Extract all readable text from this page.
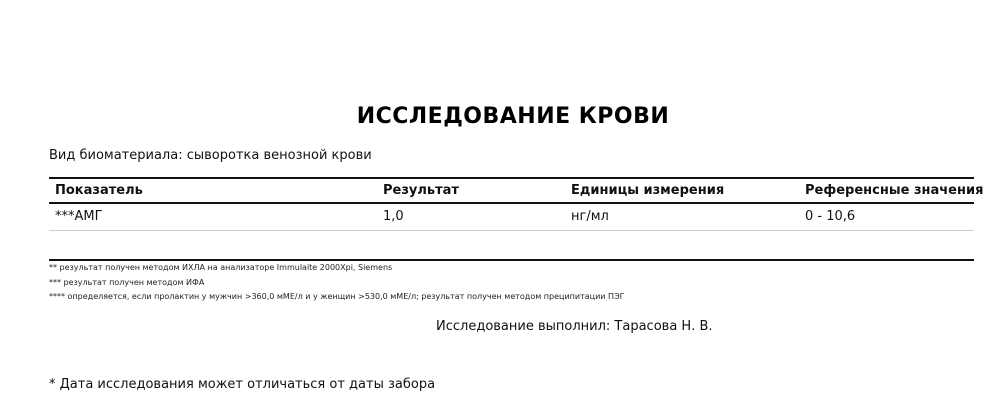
ИССЛЕДОВАНИЕ КРОВИ
Вид биоматериала: сыворотка венозной крови
Показатель	Результат	Единицы измерения	Референсные значения
***АМГ	1,0	нг/мл	0 - 10,6
** результат получен методом ИХЛА на анализаторе Immulaite 2000Xpi, Siemens
*** результат получен методом ИФА
**** определяется, если пролактин у мужчин >360,0 мМЕ/л и у женщин >530,0 мМЕ/л; результат получен методом преципитации ПЭГ
Исследование выполнил: Тарасова Н. В.
* Дата исследования может отличаться от даты забора
